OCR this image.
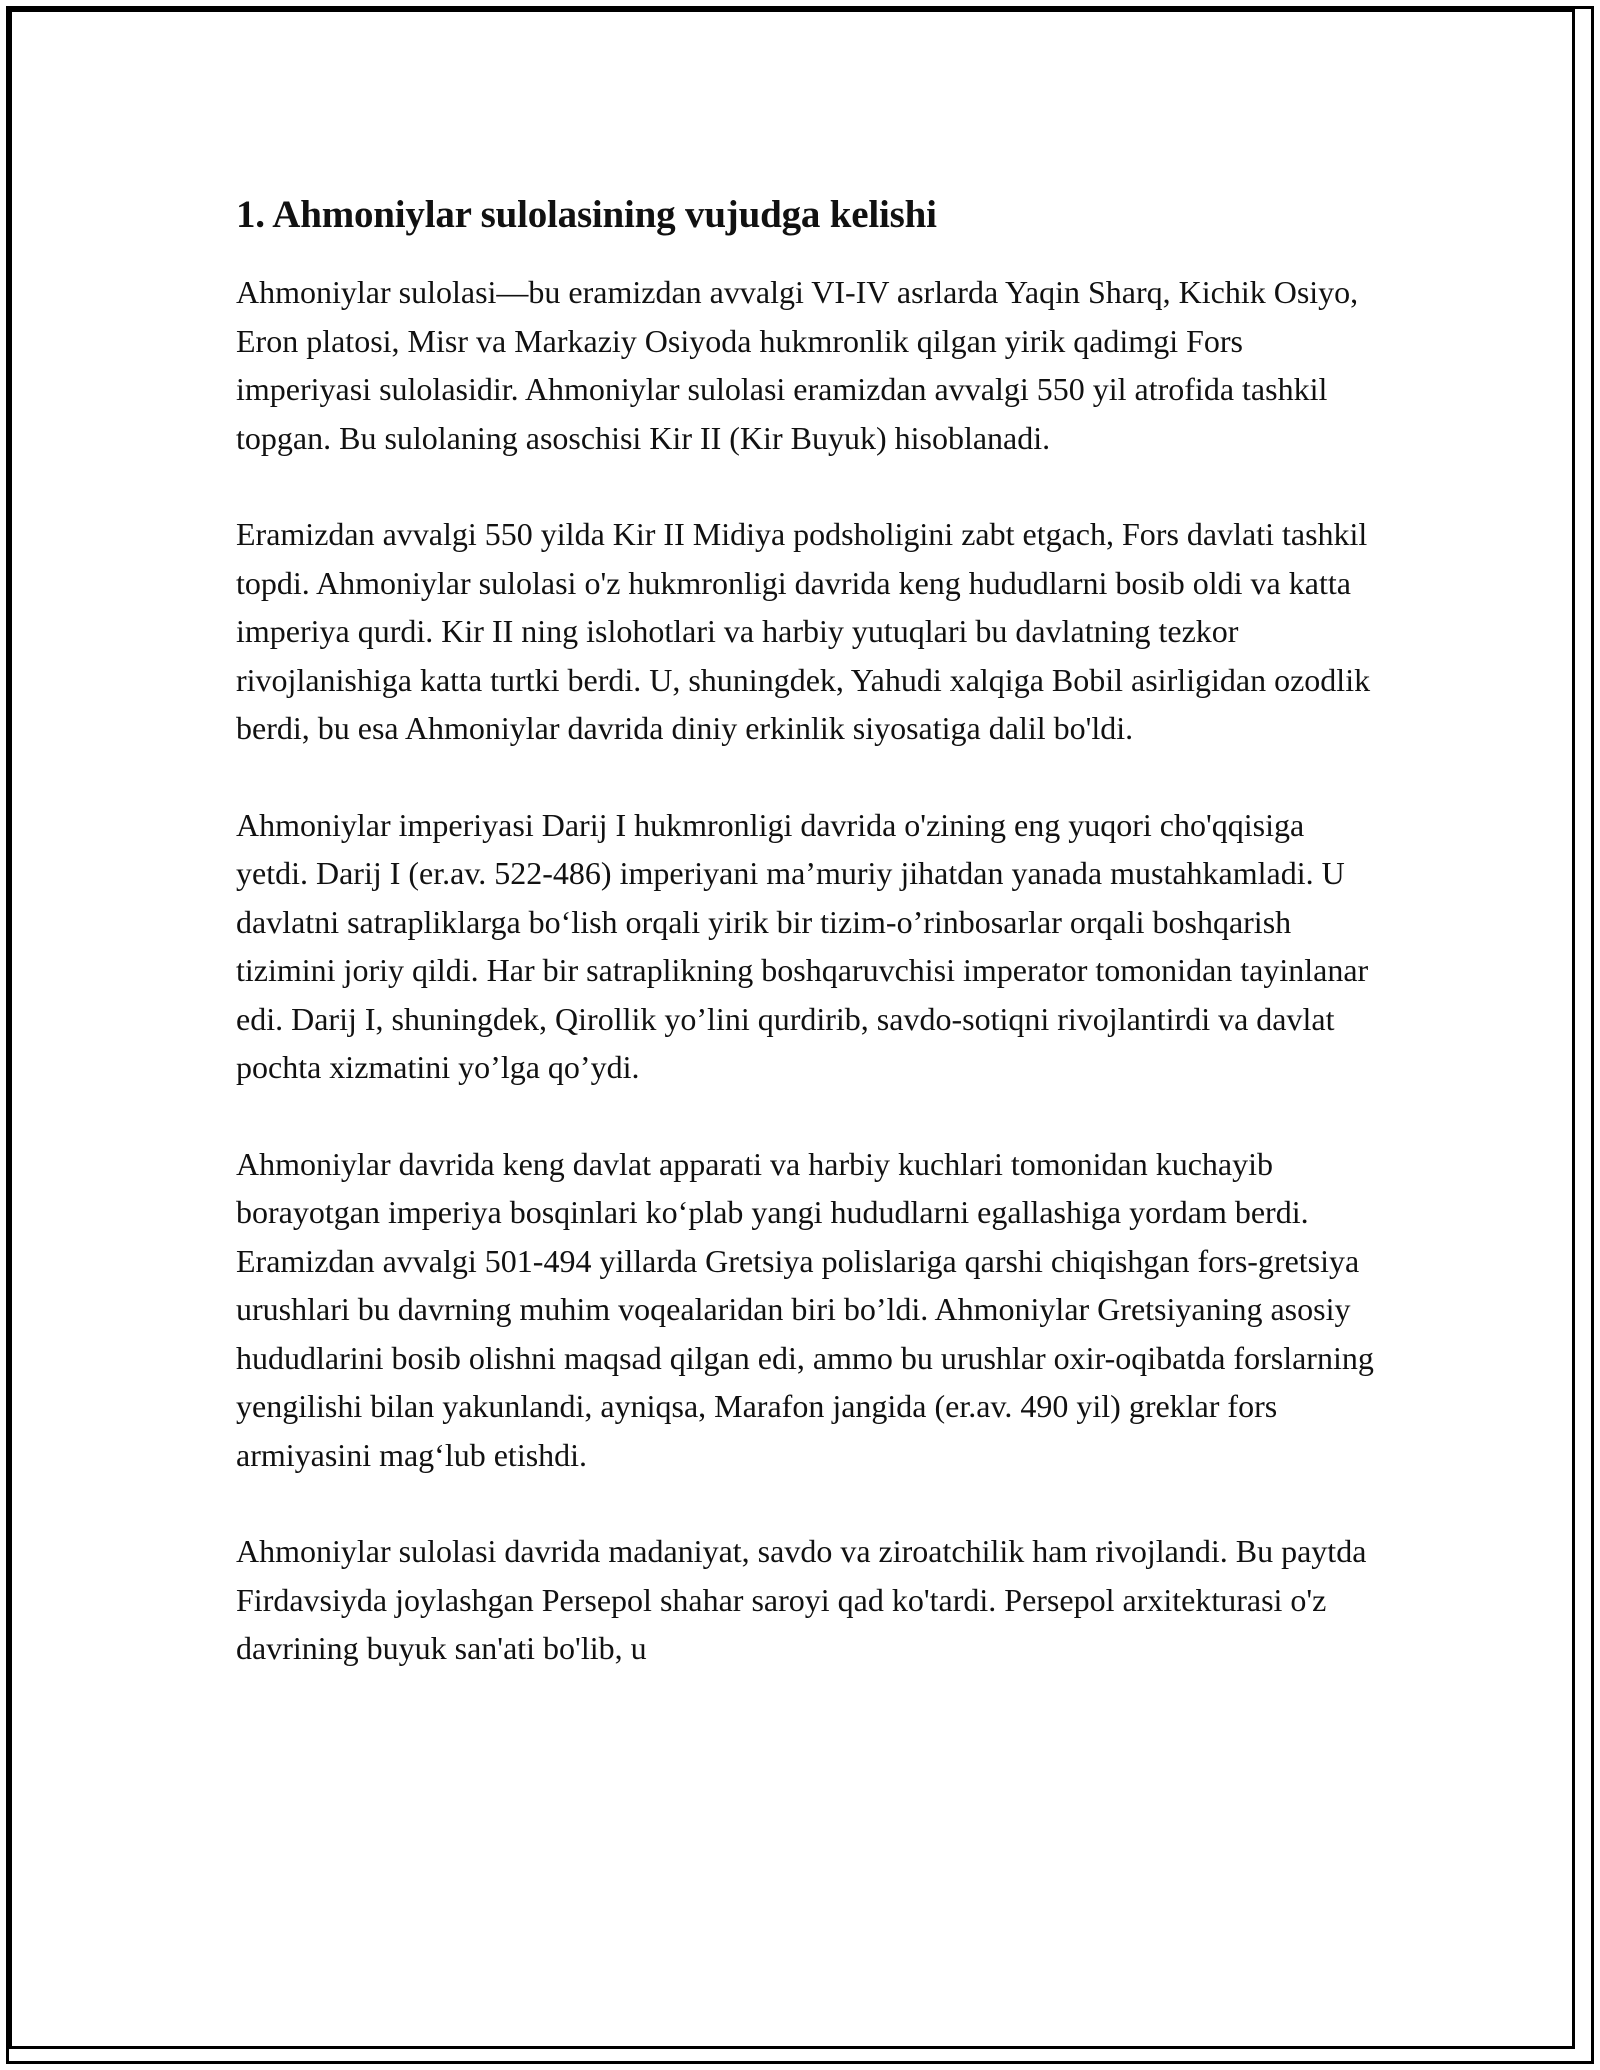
1. Ahmoniylar sulolasining vujudga kelishi

Ahmoniylar sulolasi—bu eramizdan avvalgi VI-IV asrlarda Yaqin Sharq, Kichik Osiyo, Eron platosi, Misr va Markaziy Osiyoda hukmronlik qilgan yirik qadimgi Fors imperiyasi sulolasidir. Ahmoniylar sulolasi eramizdan avvalgi 550 yil atrofida tashkil topgan. Bu sulolaning asoschisi Kir II (Kir Buyuk) hisoblanadi.

Eramizdan avvalgi 550 yilda Kir II Midiya podsholigini zabt etgach, Fors davlati tashkil topdi. Ahmoniylar sulolasi o'z hukmronligi davrida keng hududlarni bosib oldi va katta imperiya qurdi. Kir II ning islohotlari va harbiy yutuqlari bu davlatning tezkor rivojlanishiga katta turtki berdi. U, shuningdek, Yahudi xalqiga Bobil asirligidan ozodlik berdi, bu esa Ahmoniylar davrida diniy erkinlik siyosatiga dalil bo'ldi.

Ahmoniylar imperiyasi Darij I hukmronligi davrida o'zining eng yuqori cho'qqisiga yetdi. Darij I (er.av. 522-486) imperiyani ma’muriy jihatdan yanada mustahkamladi. U davlatni satrapliklarga bo‘lish orqali yirik bir tizim-o’rinbosarlar orqali boshqarish tizimini joriy qildi. Har bir satraplikning boshqaruvchisi imperator tomonidan tayinlanar edi. Darij I, shuningdek, Qirollik yo’lini qurdirib, savdo-sotiqni rivojlantirdi va davlat pochta xizmatini yo’lga qo’ydi.

Ahmoniylar davrida keng davlat apparati va harbiy kuchlari tomonidan kuchayib borayotgan imperiya bosqinlari ko‘plab yangi hududlarni egallashiga yordam berdi. Eramizdan avvalgi 501-494 yillarda Gretsiya polislariga qarshi chiqishgan fors-gretsiya urushlari bu davrning muhim voqealaridan biri bo’ldi. Ahmoniylar Gretsiyaning asosiy hududlarini bosib olishni maqsad qilgan edi, ammo bu urushlar oxir-oqibatda forslarning yengilishi bilan yakunlandi, ayniqsa, Marafon jangida (er.av. 490 yil) greklar fors armiyasini mag‘lub etishdi.

Ahmoniylar sulolasi davrida madaniyat, savdo va ziroatchilik ham rivojlandi. Bu paytda Firdavsiyda joylashgan Persepol shahar saroyi qad ko'tardi. Persepol arxitekturasi o'z davrining buyuk san'ati bo'lib, u
